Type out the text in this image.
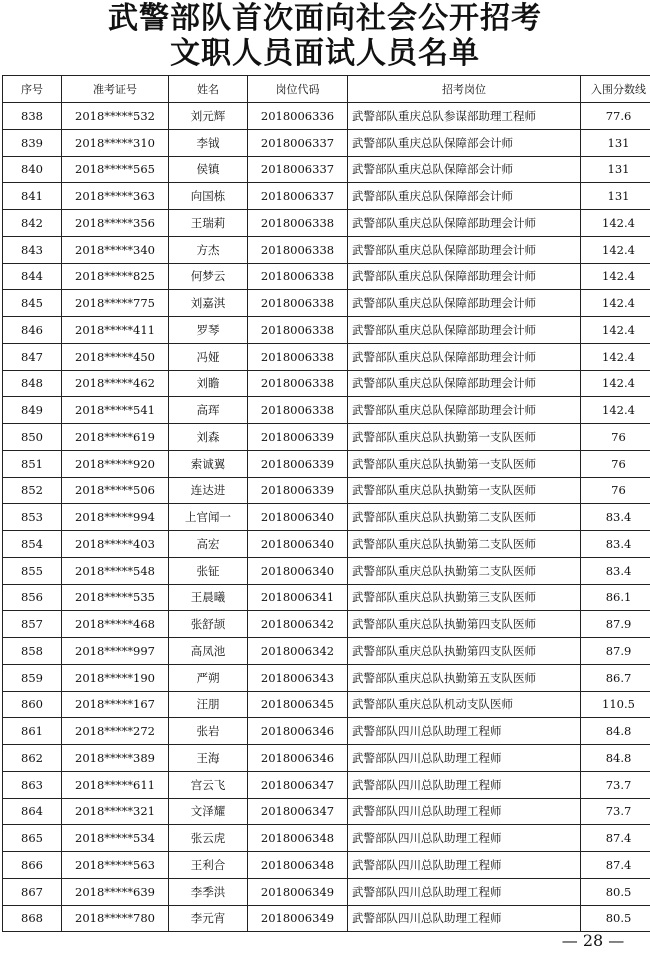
武警部队首次面向社会公开招考
文职人员面试人员名单
序号	准考证号	姓名	岗位代码	招考岗位	入围分数线
838	2018*****532	刘元辉	2018006336	武警部队重庆总队参谋部助理工程师	77.6
839	2018*****310	李钺	2018006337	武警部队重庆总队保障部会计师	131
840	2018*****565	侯镇	2018006337	武警部队重庆总队保障部会计师	131
841	2018*****363	向国栋	2018006337	武警部队重庆总队保障部会计师	131
842	2018*****356	王瑞莉	2018006338	武警部队重庆总队保障部助理会计师	142.4
843	2018*****340	方杰	2018006338	武警部队重庆总队保障部助理会计师	142.4
844	2018*****825	何梦云	2018006338	武警部队重庆总队保障部助理会计师	142.4
845	2018*****775	刘嘉淇	2018006338	武警部队重庆总队保障部助理会计师	142.4
846	2018*****411	罗琴	2018006338	武警部队重庆总队保障部助理会计师	142.4
847	2018*****450	冯娅	2018006338	武警部队重庆总队保障部助理会计师	142.4
848	2018*****462	刘瞻	2018006338	武警部队重庆总队保障部助理会计师	142.4
849	2018*****541	高珲	2018006338	武警部队重庆总队保障部助理会计师	142.4
850	2018*****619	刘森	2018006339	武警部队重庆总队执勤第一支队医师	76
851	2018*****920	索诚翼	2018006339	武警部队重庆总队执勤第一支队医师	76
852	2018*****506	连达进	2018006339	武警部队重庆总队执勤第一支队医师	76
853	2018*****994	上官闻一	2018006340	武警部队重庆总队执勤第二支队医师	83.4
854	2018*****403	高宏	2018006340	武警部队重庆总队执勤第二支队医师	83.4
855	2018*****548	张钲	2018006340	武警部队重庆总队执勤第二支队医师	83.4
856	2018*****535	王晨曦	2018006341	武警部队重庆总队执勤第三支队医师	86.1
857	2018*****468	张舒颉	2018006342	武警部队重庆总队执勤第四支队医师	87.9
858	2018*****997	高凤池	2018006342	武警部队重庆总队执勤第四支队医师	87.9
859	2018*****190	严朔	2018006343	武警部队重庆总队执勤第五支队医师	86.7
860	2018*****167	汪朋	2018006345	武警部队重庆总队机动支队医师	110.5
861	2018*****272	张岩	2018006346	武警部队四川总队助理工程师	84.8
862	2018*****389	王海	2018006346	武警部队四川总队助理工程师	84.8
863	2018*****611	宫云飞	2018006347	武警部队四川总队助理工程师	73.7
864	2018*****321	文泽耀	2018006347	武警部队四川总队助理工程师	73.7
865	2018*****534	张云虎	2018006348	武警部队四川总队助理工程师	87.4
866	2018*****563	王利合	2018006348	武警部队四川总队助理工程师	87.4
867	2018*****639	李季洪	2018006349	武警部队四川总队助理工程师	80.5
868	2018*****780	李元宵	2018006349	武警部队四川总队助理工程师	80.5
— 28 —
